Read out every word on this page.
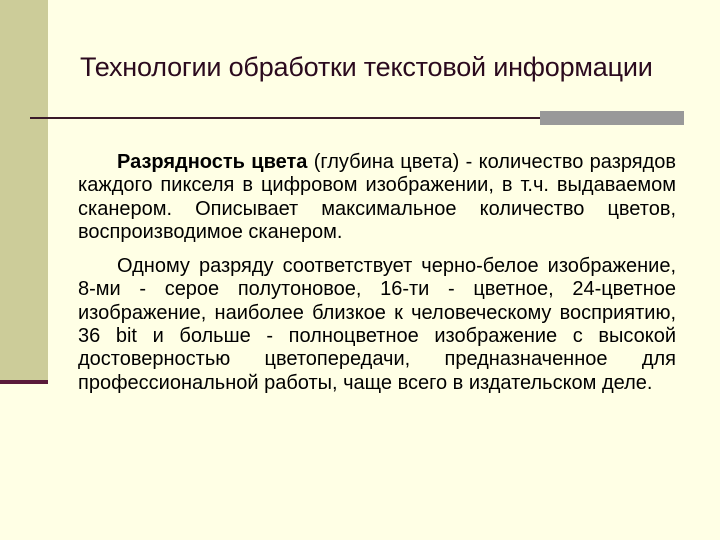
Технологии обработки текстовой информации

Разрядность цвета (глубина цвета) - количество разрядов каждого пикселя в цифровом изображении, в т.ч. выдаваемом сканером. Описывает максимальное количество цветов, воспроизводимое сканером.

Одному разряду соответствует черно-белое изображение, 8-ми - серое полутоновое, 16-ти - цветное, 24-цветное изображение, наиболее близкое к человеческому восприятию, 36 bit и больше - полноцветное изображение с высокой достоверностью цветопередачи, предназначенное для профессиональной работы, чаще всего в издательском деле.
